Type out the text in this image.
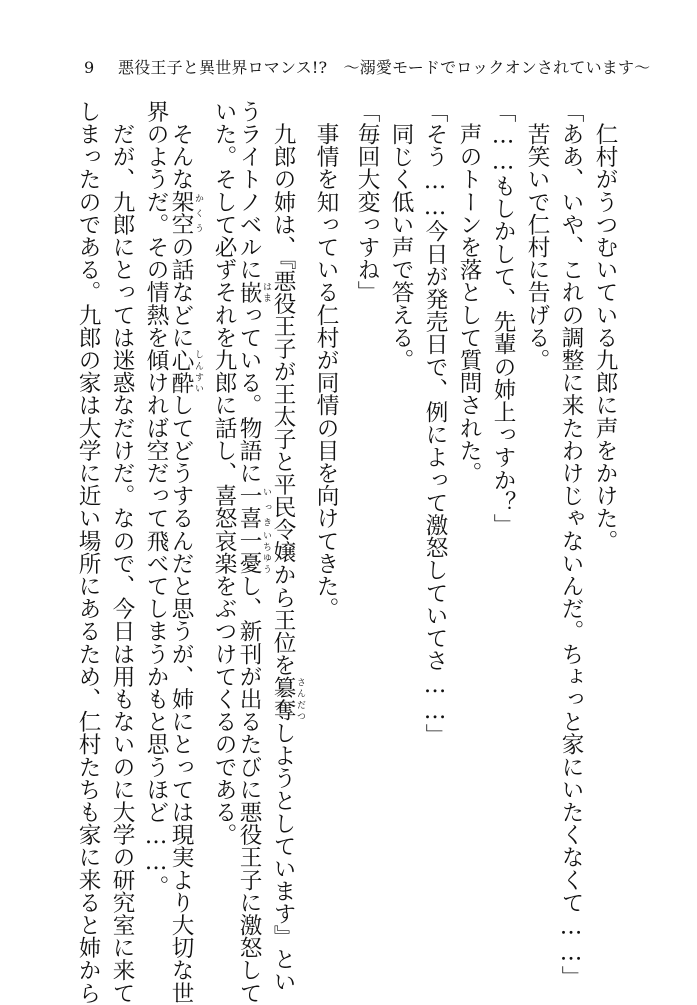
9 悪役王子と異世界ロマンス!?　〜溺愛モードでロックオンされています〜
　仁村がうつむいている九郎に声をかけた。
「ああ、いや、これの調整に来たわけじゃないんだ。ちょっと家にいたくなくて……」
　苦笑いで仁村に告げる。
「……もしかして、先輩の姉上っすか？」
　声のトーンを落として質問された。
「そう……今日が発売日で、例によって激怒していてさ……」
　同じく低い声で答える。
「毎回大変っすね」
　事情を知っている仁村が同情の目を向けてきた。
　九郎の姉は、『悪役王子が王太子と平民令嬢から王位を簒奪 さんだつしようとしています』とい
うライトノベルに嵌 はまっている。物語に一喜 いっき一憂 いちゆうし、新刊が出るたびに悪役王子に激怒して
いた。そして必ずそれを九郎に話し、喜怒哀楽をぶつけてくるのである。
　そんな架空 かくうの話などに心酔 しんすいしてどうするんだと思うが、姉にとっては現実より大切な世
界のようだ。その情熱を傾ければ空だって飛べてしまうかもと思うほど……。
　だが、九郎にとっては迷惑なだけだ。なので、今日は用もないのに大学の研究室に来て
しまったのである。九郎の家は大学に近い場所にあるため、仁村たちも家に来ると姉から
